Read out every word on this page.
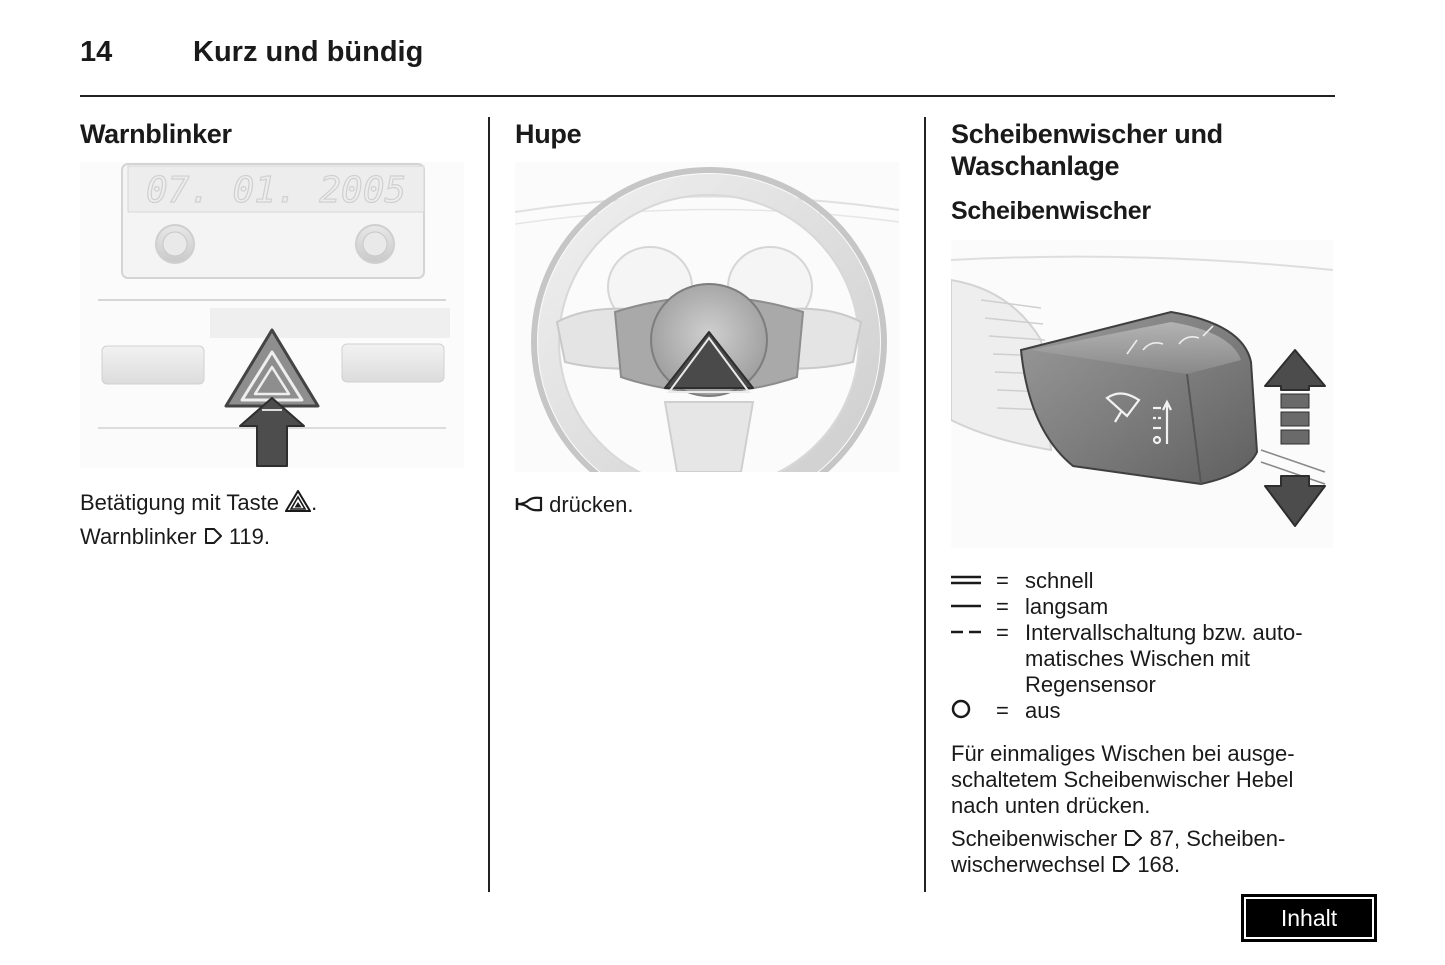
14	Kurz und bündig
Warnblinker
07. 01. 2005
Betätigung mit Taste .
Warnblinker 119.
Hupe
drücken.
Scheibenwischer und
Waschanlage
Scheibenwischer
= schnell
= langsam
= Intervallschaltung bzw. auto-
matisches Wischen mit
Regensensor
= aus
Für einmaliges Wischen bei ausge-
schaltetem Scheibenwischer Hebel
nach unten drücken.
Scheibenwischer 87, Scheiben-
wischerwechsel 168.
Inhalt
